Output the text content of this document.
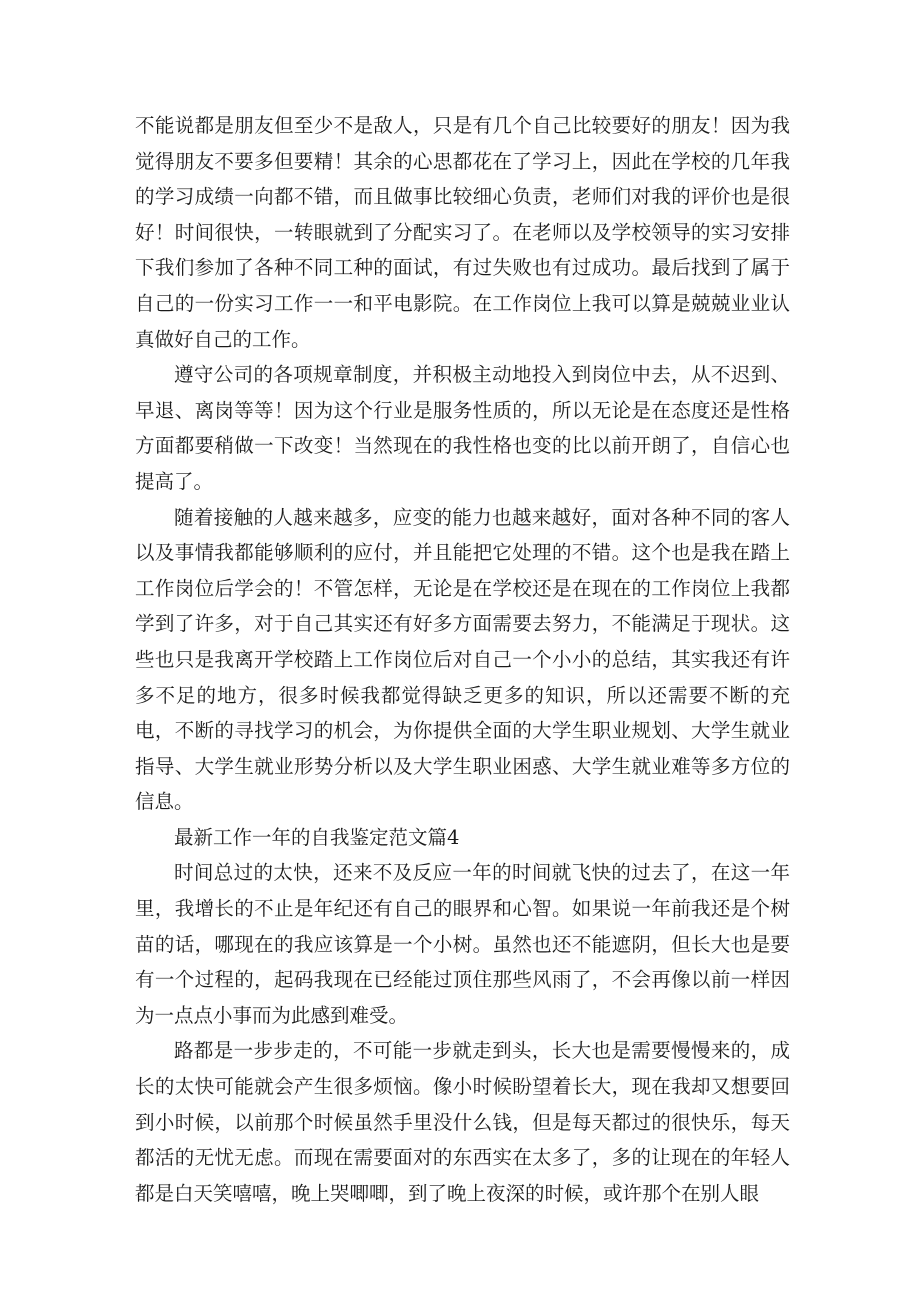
不能说都是朋友但至少不是敌人，只是有几个自己比较要好的朋友！因为我觉得朋友不要多但要精！其余的心思都花在了学习上，因此在学校的几年我的学习成绩一向都不错，而且做事比较细心负责，老师们对我的评价也是很好！时间很快，一转眼就到了分配实习了。在老师以及学校领导的实习安排下我们参加了各种不同工种的面试，有过失败也有过成功。最后找到了属于自己的一份实习工作一一和平电影院。在工作岗位上我可以算是兢兢业业认真做好自己的工作。

遵守公司的各项规章制度，并积极主动地投入到岗位中去，从不迟到、早退、离岗等等！因为这个行业是服务性质的，所以无论是在态度还是性格方面都要稍做一下改变！当然现在的我性格也变的比以前开朗了，自信心也提高了。

随着接触的人越来越多，应变的能力也越来越好，面对各种不同的客人以及事情我都能够顺利的应付，并且能把它处理的不错。这个也是我在踏上工作岗位后学会的！不管怎样，无论是在学校还是在现在的工作岗位上我都学到了许多，对于自己其实还有好多方面需要去努力，不能满足于现状。这些也只是我离开学校踏上工作岗位后对自己一个小小的总结，其实我还有许多不足的地方，很多时候我都觉得缺乏更多的知识，所以还需要不断的充电，不断的寻找学习的机会，为你提供全面的大学生职业规划、大学生就业指导、大学生就业形势分析以及大学生职业困惑、大学生就业难等多方位的信息。

最新工作一年的自我鉴定范文篇4

时间总过的太快，还来不及反应一年的时间就飞快的过去了，在这一年里，我增长的不止是年纪还有自己的眼界和心智。如果说一年前我还是个树苗的话，哪现在的我应该算是一个小树。虽然也还不能遮阴，但长大也是要有一个过程的，起码我现在已经能过顶住那些风雨了，不会再像以前一样因为一点点小事而为此感到难受。

路都是一步步走的，不可能一步就走到头，长大也是需要慢慢来的，成长的太快可能就会产生很多烦恼。像小时候盼望着长大，现在我却又想要回到小时候，以前那个时候虽然手里没什么钱，但是每天都过的很快乐，每天都活的无忧无虑。而现在需要面对的东西实在太多了，多的让现在的年轻人都是白天笑嘻嘻，晚上哭唧唧，到了晚上夜深的时候，或许那个在别人眼
